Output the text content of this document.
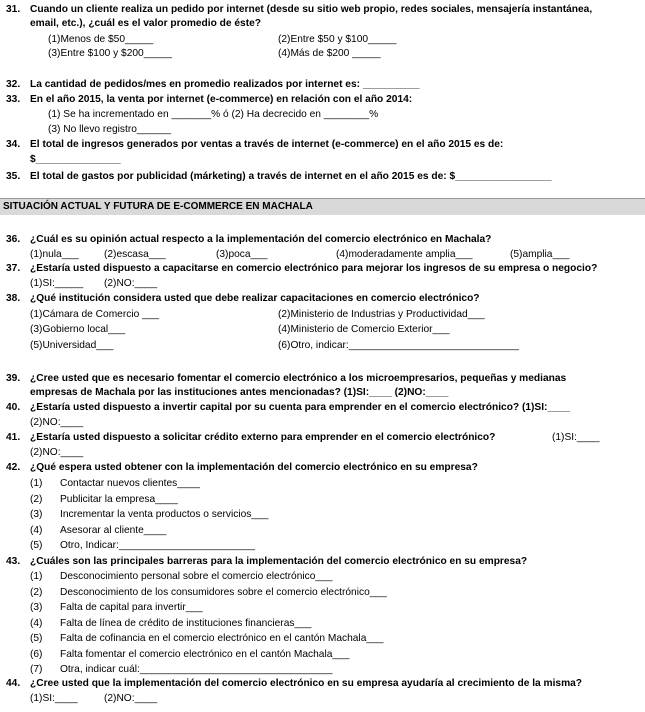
31. Cuando un cliente realiza un pedido por internet (desde su sitio web propio, redes sociales, mensajería instantánea,
email, etc.), ¿cuál es el valor promedio de éste?
(1)Menos de $50_____	(2)Entre $50 y $100_____
(3)Entre $100 y $200_____	(4)Más de $200 _____
32. La cantidad de pedidos/mes en promedio realizados por internet es: __________
33. En el año 2015, la venta por internet (e-commerce) en relación con el año 2014:
(1) Se ha incrementado en _______% ó (2) Ha decrecido en ________%
(3) No llevo registro______
34. El total de ingresos generados por ventas a través de internet (e-commerce) en el año 2015 es de:
$_______________
35. El total de gastos por publicidad (márketing) a través de internet en el año 2015 es de: $_________________
SITUACIÓN ACTUAL Y FUTURA DE E-COMMERCE EN MACHALA
36. ¿Cuál es su opinión actual respecto a la implementación del comercio electrónico en Machala?
(1)nula___ (2)escasa___	(3)poca___	(4)moderadamente amplia___	(5)amplia___
37. ¿Estaría usted dispuesto a capacitarse en comercio electrónico para mejorar los ingresos de su empresa o negocio?
(1)SI:_____ (2)NO:____
38. ¿Qué institución considera usted que debe realizar capacitaciones en comercio electrónico?
(1)Cámara de Comercio ___	(2)Ministerio de Industrias y Productividad___
(3)Gobierno local___	(4)Ministerio de Comercio Exterior___
(5)Universidad___	(6)Otro, indicar:______________________________
39. ¿Cree usted que es necesario fomentar el comercio electrónico a los microempresarios, pequeñas y medianas
empresas de Machala por las instituciones antes mencionadas? (1)SI:____ (2)NO:____
40. ¿Estaría usted dispuesto a invertir capital por su cuenta para emprender en el comercio electrónico? (1)SI:____
(2)NO:____
41. ¿Estaría usted dispuesto a solicitar crédito externo para emprender en el comercio electrónico?	(1)SI:____
(2)NO:____
42. ¿Qué espera usted obtener con la implementación del comercio electrónico en su empresa?
(1) Contactar nuevos clientes____
(2) Publicitar la empresa____
(3) Incrementar la venta productos o servicios___
(4) Asesorar al cliente____
(5) Otro, Indicar:________________________
43. ¿Cuáles son las principales barreras para la implementación del comercio electrónico en su empresa?
(1) Desconocimiento personal sobre el comercio electrónico___
(2) Desconocimiento de los consumidores sobre el comercio electrónico___
(3) Falta de capital para invertir___
(4) Falta de línea de crédito de instituciones financieras___
(5) Falta de cofinancia en el comercio electrónico en el cantón Machala___
(6) Falta fomentar el comercio electrónico en el cantón Machala___
(7) Otra, indicar cuál:__________________________________
44. ¿Cree usted que la implementación del comercio electrónico en su empresa ayudaría al crecimiento de la misma?
(1)SI:____	(2)NO:____
